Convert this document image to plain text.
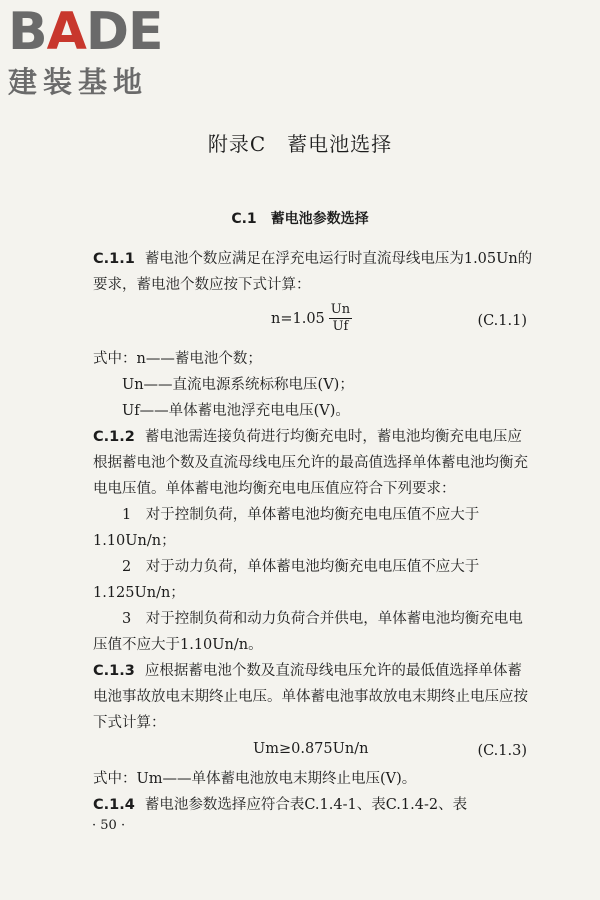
BADE
建装基地
附录C　蓄电池选择
C.1　蓄电池参数选择

C.1.1 蓄电池个数应满足在浮充电运行时直流母线电压为1.05Un的要求，蓄电池个数应按下式计算：

$n=1.05 \frac{Un}{Uf}$	(C.1.1)

式中：n——蓄电池个数；

Un——直流电源系统标称电压(V)；

Uf——单体蓄电池浮充电电压(V)。

C.1.2 蓄电池需连接负荷进行均衡充电时，蓄电池均衡充电电压应根据蓄电池个数及直流母线电压允许的最高值选择单体蓄电池均衡充电电压值。单体蓄电池均衡充电电压值应符合下列要求：

1　对于控制负荷，单体蓄电池均衡充电电压值不应大于1.10Un/n；

2　对于动力负荷，单体蓄电池均衡充电电压值不应大于1.125Un/n；

3　对于控制负荷和动力负荷合并供电，单体蓄电池均衡充电电压值不应大于1.10Un/n。

C.1.3 应根据蓄电池个数及直流母线电压允许的最低值选择单体蓄电池事故放电末期终止电压。单体蓄电池事故放电末期终止电压应按下式计算：

Um≥0.875Un/n	(C.1.3)

式中：Um——单体蓄电池放电末期终止电压(V)。

C.1.4 蓄电池参数选择应符合表C.1.4-1、表C.1.4-2、表

· 50 ·
